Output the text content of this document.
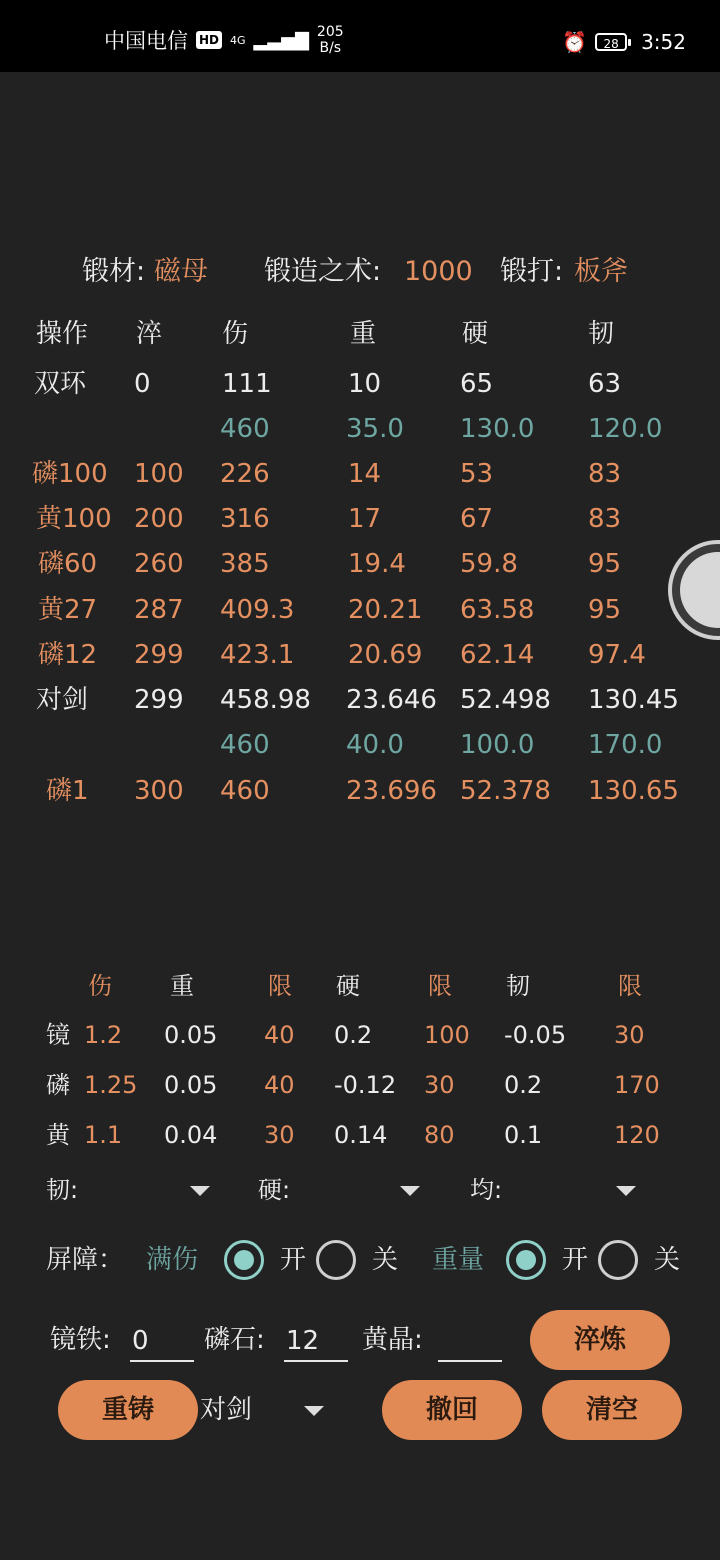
中国电信 HD 4G ▂▃▅▇ 205
B/s	⏰	28	3:52
锻材: 磁母 锻造之术: 1000 锻打: 板斧
操作 淬 伤	重	硬	韧
双环 0	111	10	65	63
460	35.0 130.0 120.0
磷100 100 226	14	53	83
黄100 200 316	17	67	83
磷60 260 385	19.4 59.8	95
黄27 287 409.3 20.21 63.58 95
磷12 299 423.1 20.69 62.14 97.4
对剑 299 458.98 23.646 52.498 130.45
460	40.0 100.0 170.0
磷1 300 460	23.696 52.378 130.65
伤 重	限 硬	限 韧	限
镜 1.2 0.05 40 0.2 100 -0.05 30
磷 1.25 0.05 40 -0.12 30 0.2	170
黄 1.1 0.04 30 0.14 80 0.1	120
韧:	硬:	均:
屏障： 满伤	开	关 重量	开	关
镜铁:	磷石:	黄晶:
0	12	淬炼
重铸	对剑	撤回	清空
